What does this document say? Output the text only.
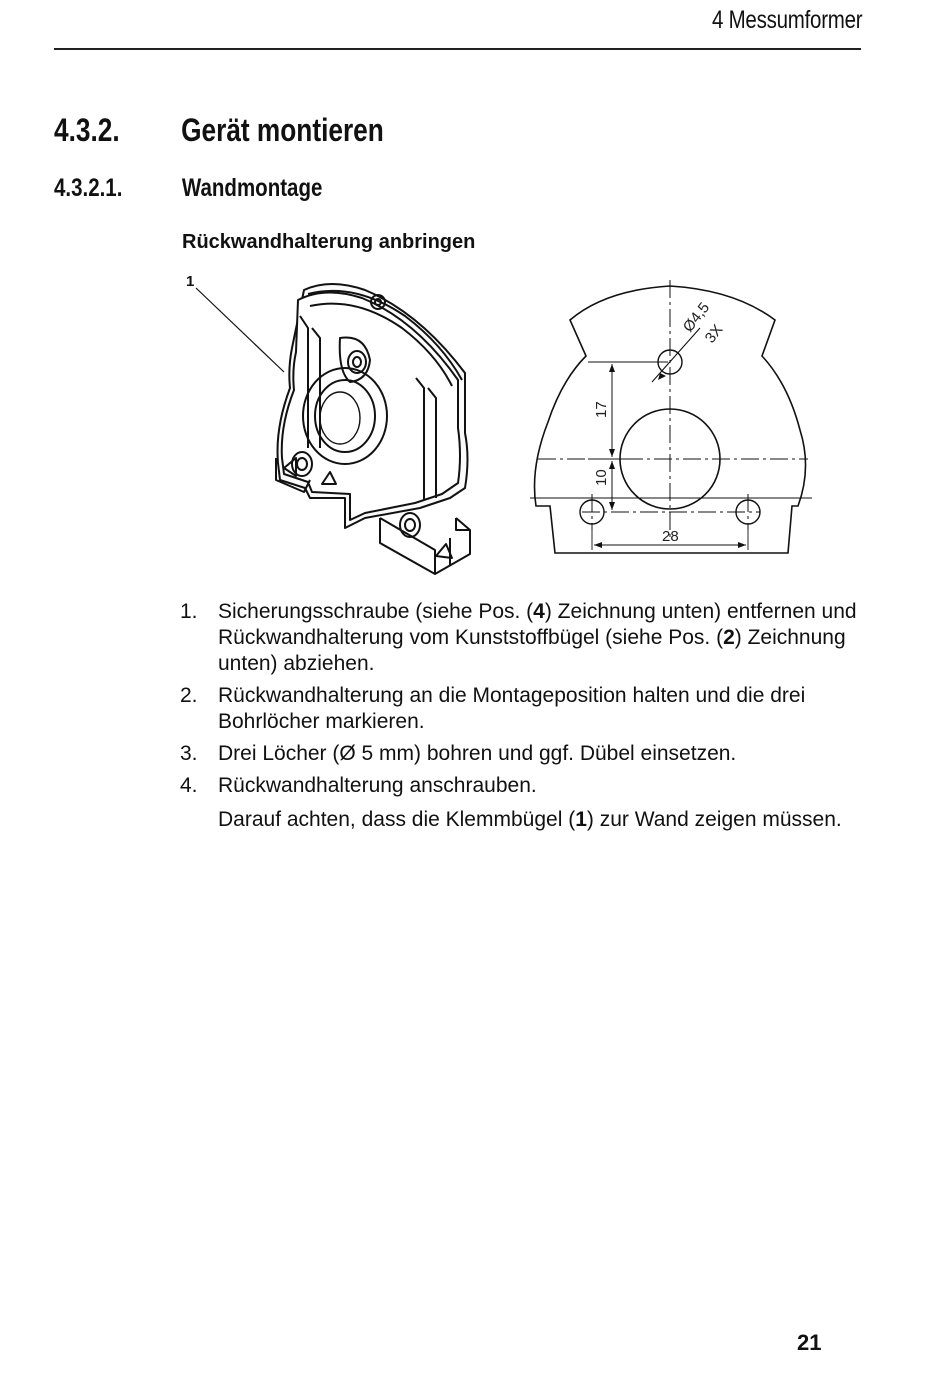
4 Messumformer
4.3.2. Gerät montieren
4.3.2.1. Wandmontage
Rückwandhalterung anbringen
1
Ø4,5
3X
17
10
28
1. Sicherungsschraube (siehe Pos. (4) Zeichnung unten) entfernen und Rückwandhalterung vom Kunststoffbügel (siehe Pos. (2) Zeichnung unten) abziehen.
2. Rückwandhalterung an die Montageposition halten und die drei Bohrlöcher markieren.
3. Drei Löcher (Ø 5 mm) bohren und ggf. Dübel einsetzen.
4. Rückwandhalterung anschrauben.
Darauf achten, dass die Klemmbügel (1) zur Wand zeigen müssen.
21
